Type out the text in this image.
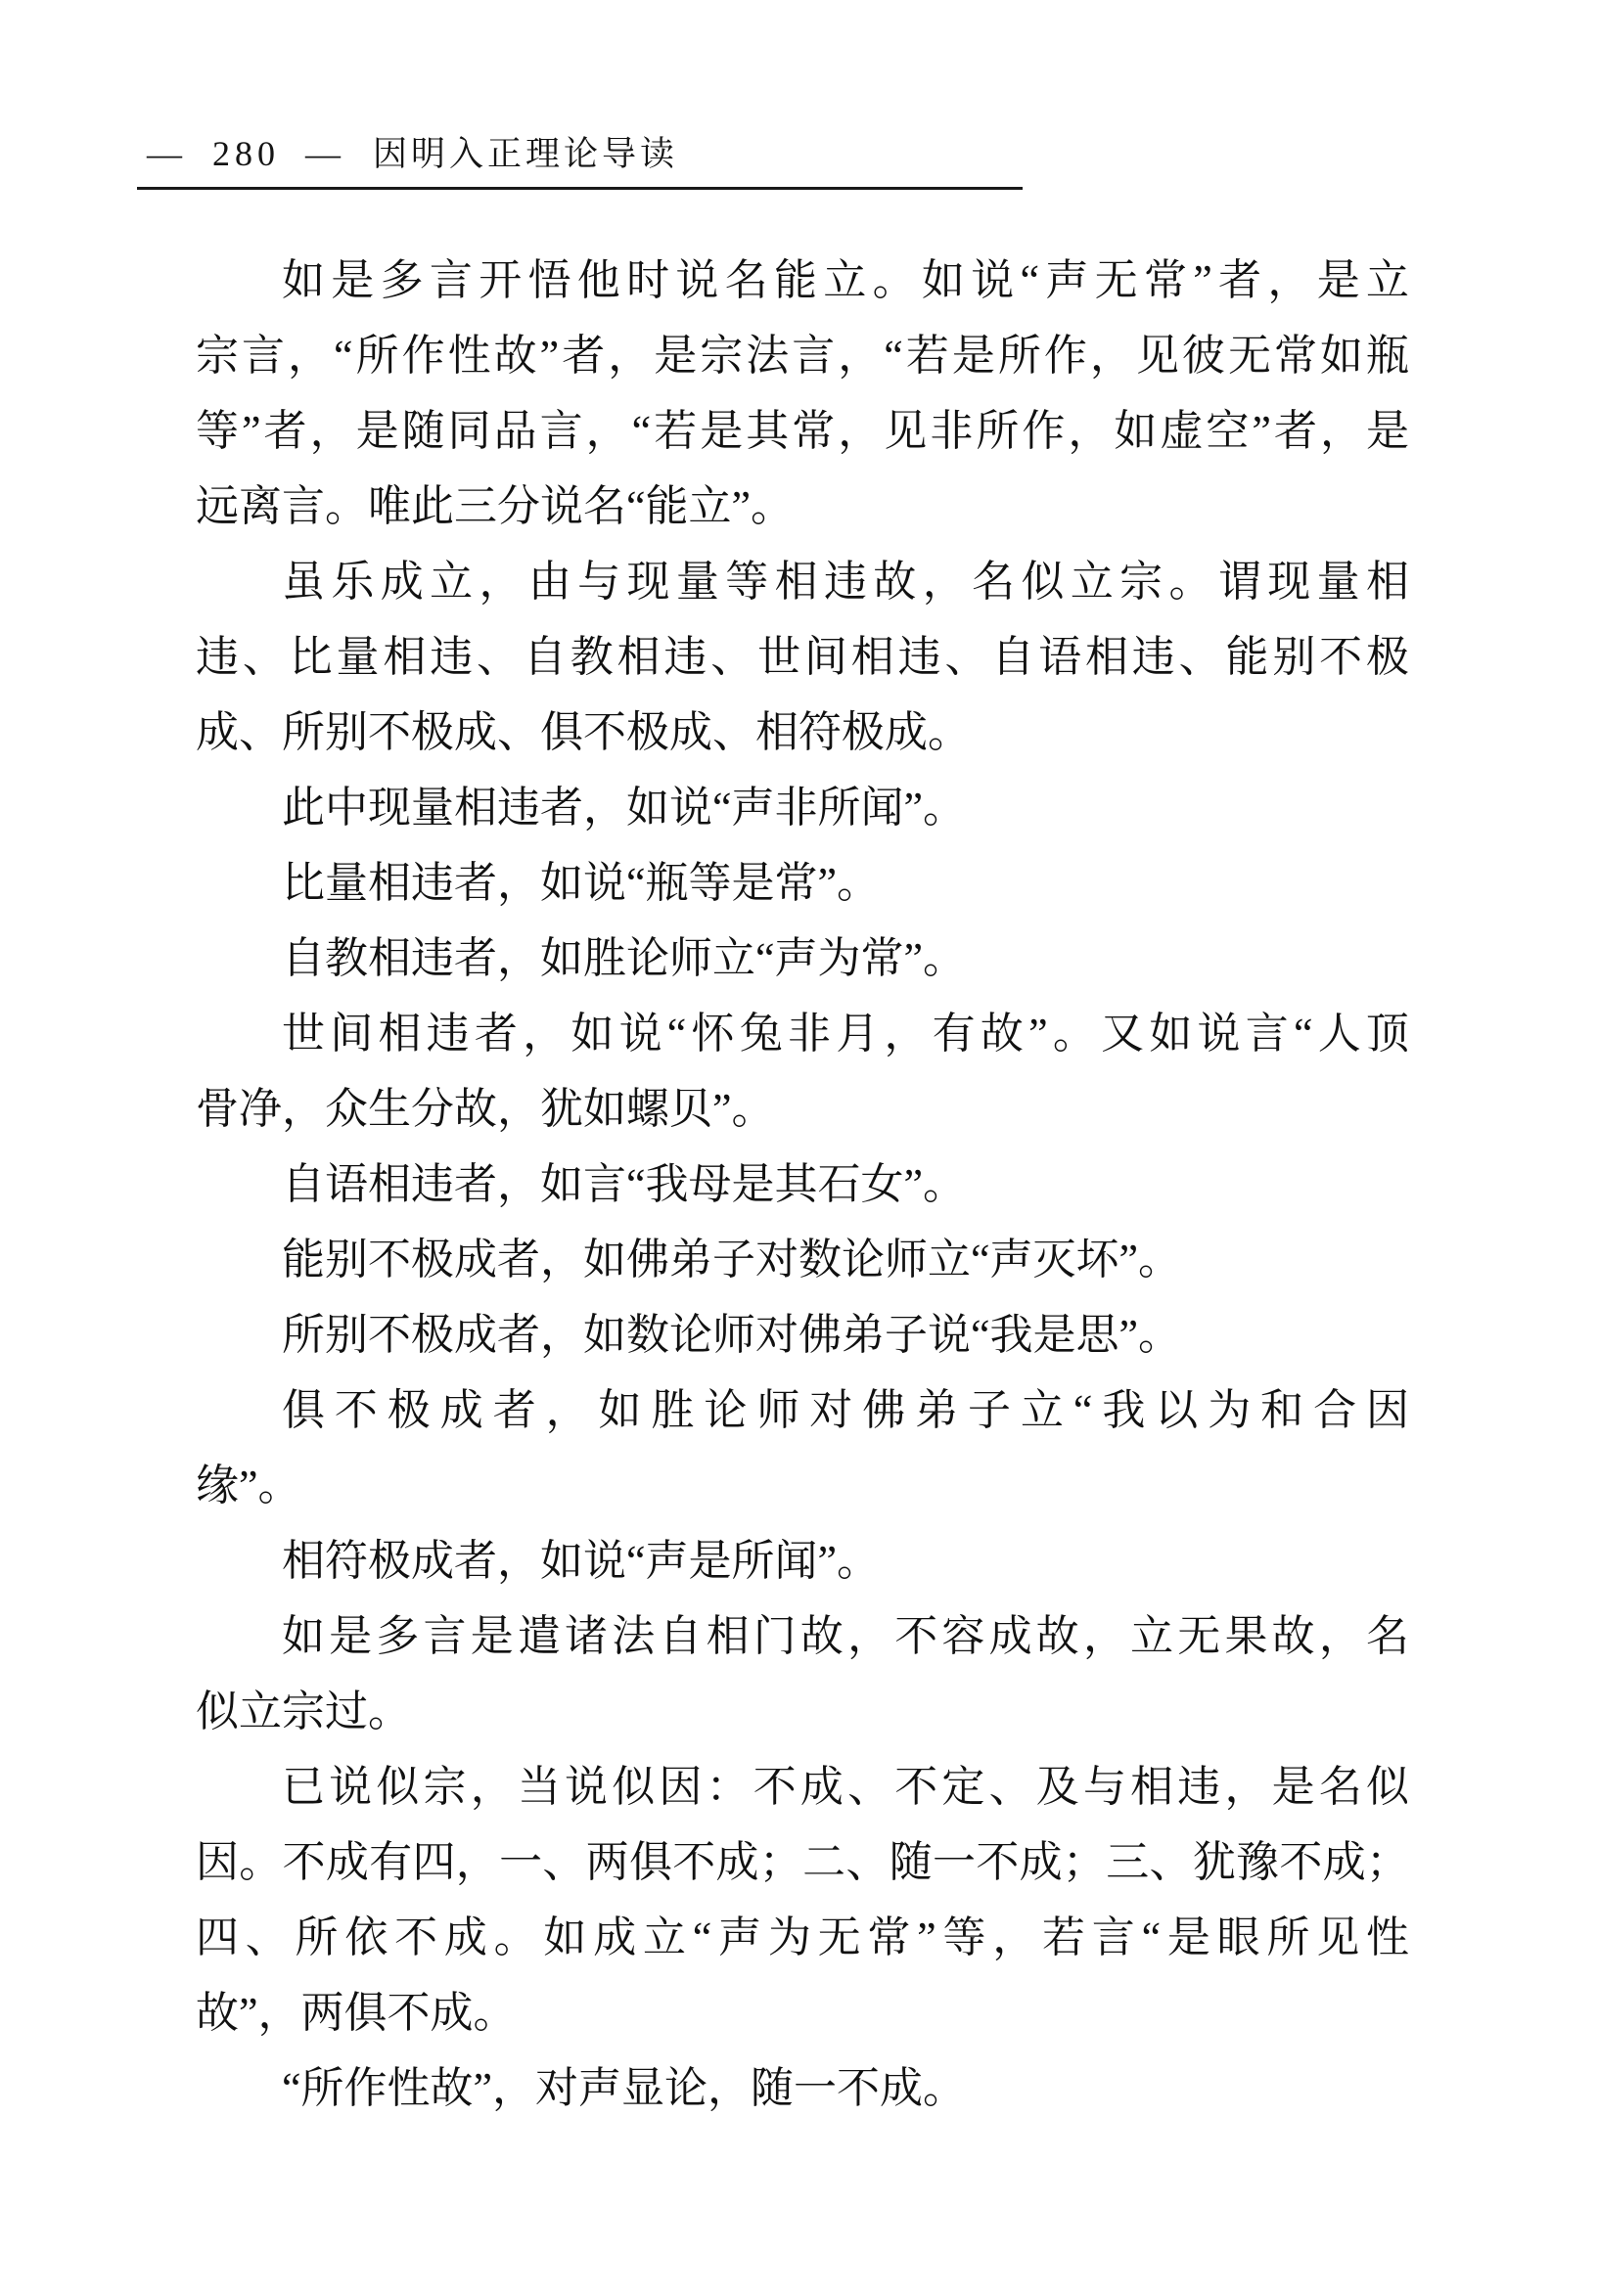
— 280 — 因明入正理论导读
如是多言开悟他时说名能立。如说“声无常”者，是立
宗言，“所作性故”者，是宗法言，“若是所作，见彼无常如瓶
等”者，是随同品言，“若是其常，见非所作，如虚空”者，是
远离言。唯此三分说名“能立”。
虽乐成立，由与现量等相违故，名似立宗。谓现量相
违、比量相违、自教相违、世间相违、自语相违、能别不极
成、所别不极成、俱不极成、相符极成。
此中现量相违者，如说“声非所闻”。
比量相违者，如说“瓶等是常”。
自教相违者，如胜论师立“声为常”。
世间相违者，如说“怀兔非月，有故”。又如说言“人顶
骨净，众生分故，犹如螺贝”。
自语相违者，如言“我母是其石女”。
能别不极成者，如佛弟子对数论师立“声灭坏”。
所别不极成者，如数论师对佛弟子说“我是思”。
俱不极成者，如胜论师对佛弟子立“我以为和合因
缘”。
相符极成者，如说“声是所闻”。
如是多言是遣诸法自相门故，不容成故，立无果故，名
似立宗过。
已说似宗，当说似因：不成、不定、及与相违，是名似
因。不成有四，一、两俱不成；二、随一不成；三、犹豫不成；
四、所依不成。如成立“声为无常”等，若言“是眼所见性
故”，两俱不成。
“所作性故”，对声显论，随一不成。
